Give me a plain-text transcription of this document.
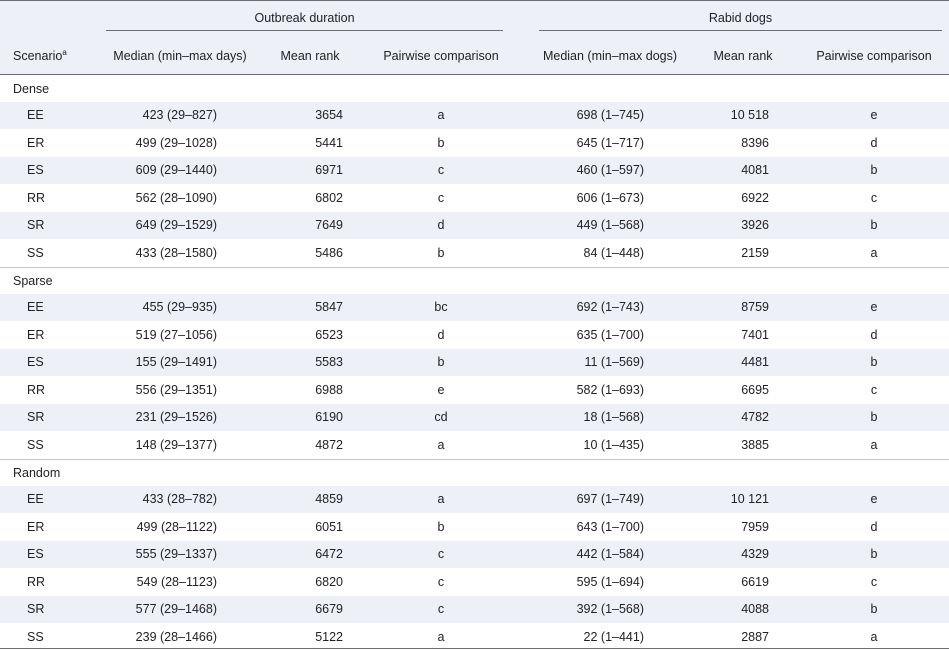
Outbreak duration	Rabid dogs
Scenario$^a$	Median (min–max days)	Mean rank	Pairwise comparison	Median (min–max dogs)	Mean rank	Pairwise comparison
Dense
EE	423 (29–827)	3654	a	698 (1–745)	10 518	e
ER	499 (29–1028)	5441	b	645 (1–717)	8396	d
ES	609 (29–1440)	6971	c	460 (1–597)	4081	b
RR	562 (28–1090)	6802	c	606 (1–673)	6922	c
SR	649 (29–1529)	7649	d	449 (1–568)	3926	b
SS	433 (28–1580)	5486	b	84 (1–448)	2159	a
Sparse
EE	455 (29–935)	5847	bc	692 (1–743)	8759	e
ER	519 (27–1056)	6523	d	635 (1–700)	7401	d
ES	155 (29–1491)	5583	b	11 (1–569)	4481	b
RR	556 (29–1351)	6988	e	582 (1–693)	6695	c
SR	231 (29–1526)	6190	cd	18 (1–568)	4782	b
SS	148 (29–1377)	4872	a	10 (1–435)	3885	a
Random
EE	433 (28–782)	4859	a	697 (1–749)	10 121	e
ER	499 (28–1122)	6051	b	643 (1–700)	7959	d
ES	555 (29–1337)	6472	c	442 (1–584)	4329	b
RR	549 (28–1123)	6820	c	595 (1–694)	6619	c
SR	577 (29–1468)	6679	c	392 (1–568)	4088	b
SS	239 (28–1466)	5122	a	22 (1–441)	2887	a
